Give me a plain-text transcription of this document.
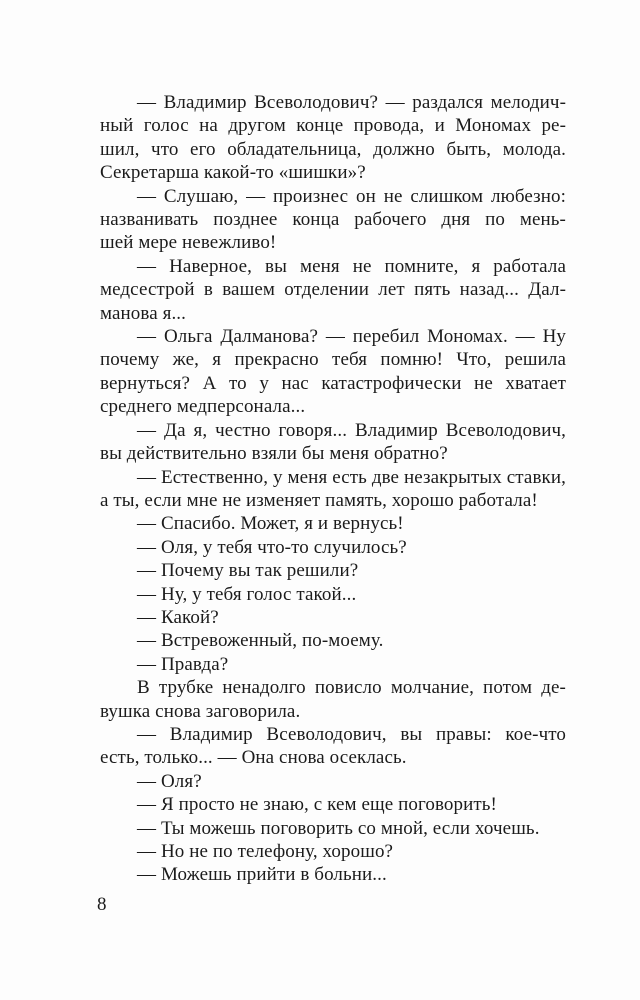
— Владимир Всеволодович? — раздался мелодич-
ный голос на другом конце провода, и Мономах ре-
шил, что его обладательница, должно быть, молода.
Секретарша какой-то «шишки»?
— Слушаю, — произнес он не слишком любезно:
названивать позднее конца рабочего дня по мень-
шей мере невежливо!
— Наверное, вы меня не помните, я работала
медсестрой в вашем отделении лет пять назад... Дал-
манова я...
— Ольга Далманова? — перебил Мономах. — Ну
почему же, я прекрасно тебя помню! Что, решила
вернуться? А то у нас катастрофически не хватает
среднего медперсонала...
— Да я, честно говоря... Владимир Всеволодович,
вы действительно взяли бы меня обратно?
— Естественно, у меня есть две незакрытых ставки,
а ты, если мне не изменяет память, хорошо работала!
— Спасибо. Может, я и вернусь!
— Оля, у тебя что-то случилось?
— Почему вы так решили?
— Ну, у тебя голос такой...
— Какой?
— Встревоженный, по-моему.
— Правда?
В трубке ненадолго повисло молчание, потом де-
вушка снова заговорила.
— Владимир Всеволодович, вы правы: кое-что
есть, только... — Она снова осеклась.
— Оля?
— Я просто не знаю, с кем еще поговорить!
— Ты можешь поговорить со мной, если хочешь.
— Но не по телефону, хорошо?
— Можешь прийти в больни...
8
